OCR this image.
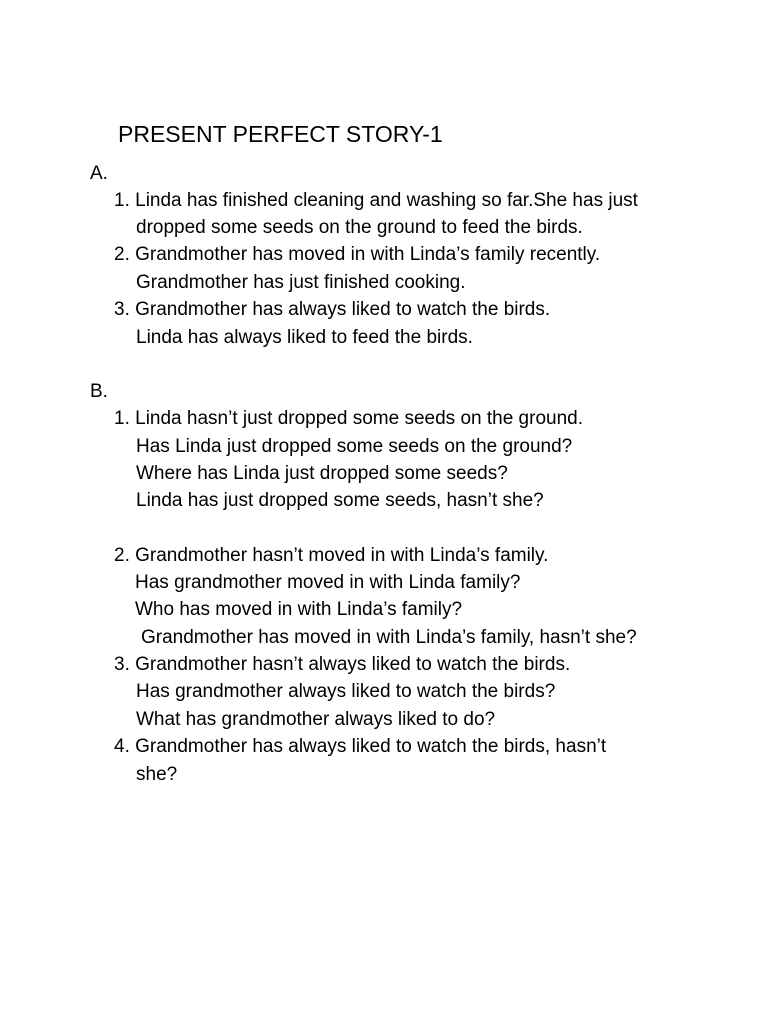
PRESENT PERFECT STORY-1
A.
1. Linda has finished cleaning and washing so far.She has just
dropped some seeds on the ground to feed the birds.
2. Grandmother has moved in with Linda’s family recently.
Grandmother has just finished cooking.
3. Grandmother has always liked to watch the birds.
Linda has always liked to feed the birds.
B.
1. Linda hasn’t just dropped some seeds on the ground.
Has Linda just dropped some seeds on the ground?
Where has Linda just dropped some seeds?
Linda has just dropped some seeds, hasn’t she?
2. Grandmother hasn’t moved in with Linda’s family.
Has grandmother moved in with Linda family?
Who has moved in with Linda’s family?
Grandmother has moved in with Linda’s family, hasn’t she?
3. Grandmother hasn’t always liked to watch the birds.
Has grandmother always liked to watch the birds?
What has grandmother always liked to do?
4. Grandmother has always liked to watch the birds, hasn’t
she?
